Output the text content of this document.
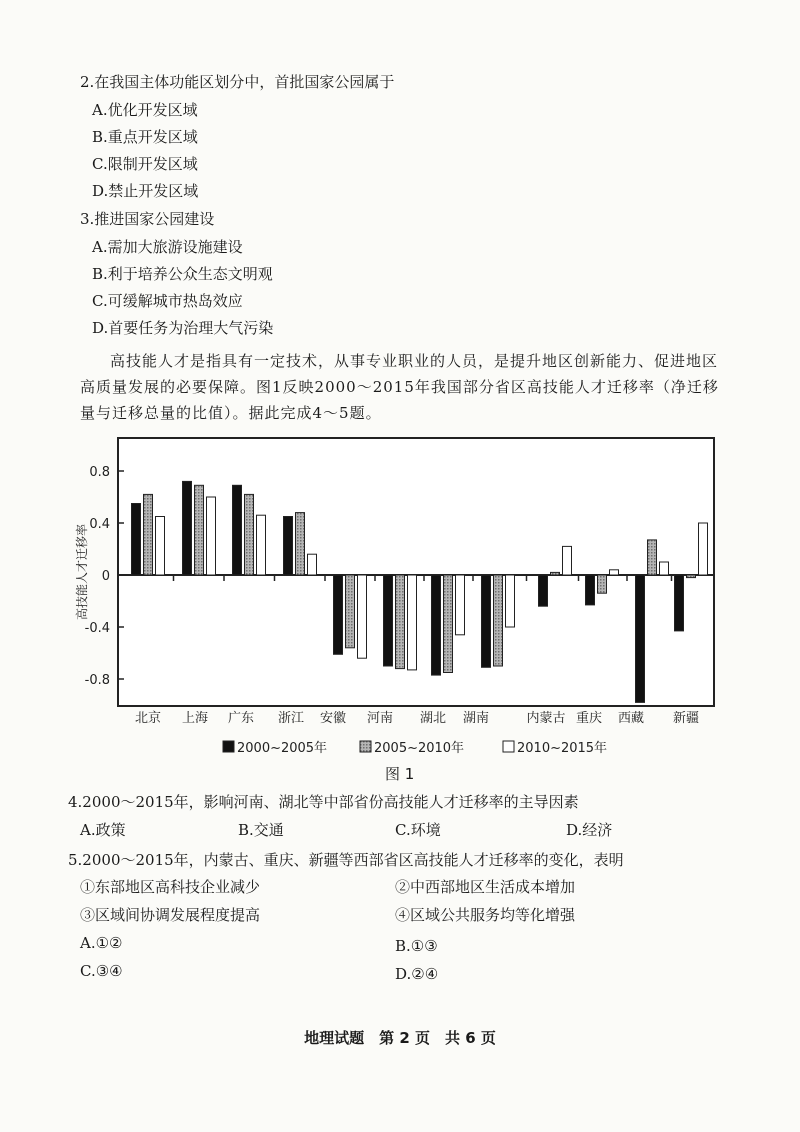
2.在我国主体功能区划分中，首批国家公园属于
A.优化开发区域
B.重点开发区域
C.限制开发区域
D.禁止开发区域
3.推进国家公园建设
A.需加大旅游设施建设
B.利于培养公众生态文明观
C.可缓解城市热岛效应
D.首要任务为治理大气污染

高技能人才是指具有一定技术，从事专业职业的人员，是提升地区创新能力、促进地区高质量发展的必要保障。图1反映2000～2015年我国部分省区高技能人才迁移率（净迁移量与迁移总量的比值）。据此完成4～5题。

0.8
0.4
0
-0.4
-0.8
高技能人才迁移率
北京 上海 广东 浙江 安徽 河南 湖北 湖南	内蒙古 重庆 西藏 新疆
2000~2005年	2005~2010年	2010~2015年
图 1
4.2000～2015年，影响河南、湖北等中部省份高技能人才迁移率的主导因素
A.政策	B.交通	C.环境	D.经济
5.2000～2015年，内蒙古、重庆、新疆等西部省区高技能人才迁移率的变化，表明
①东部地区高科技企业减少	②中西部地区生活成本增加
③区域间协调发展程度提高	④区域公共服务均等化增强
A.①②	B.①③
C.③④	D.②④
地理试题　第 2 页　共 6 页
